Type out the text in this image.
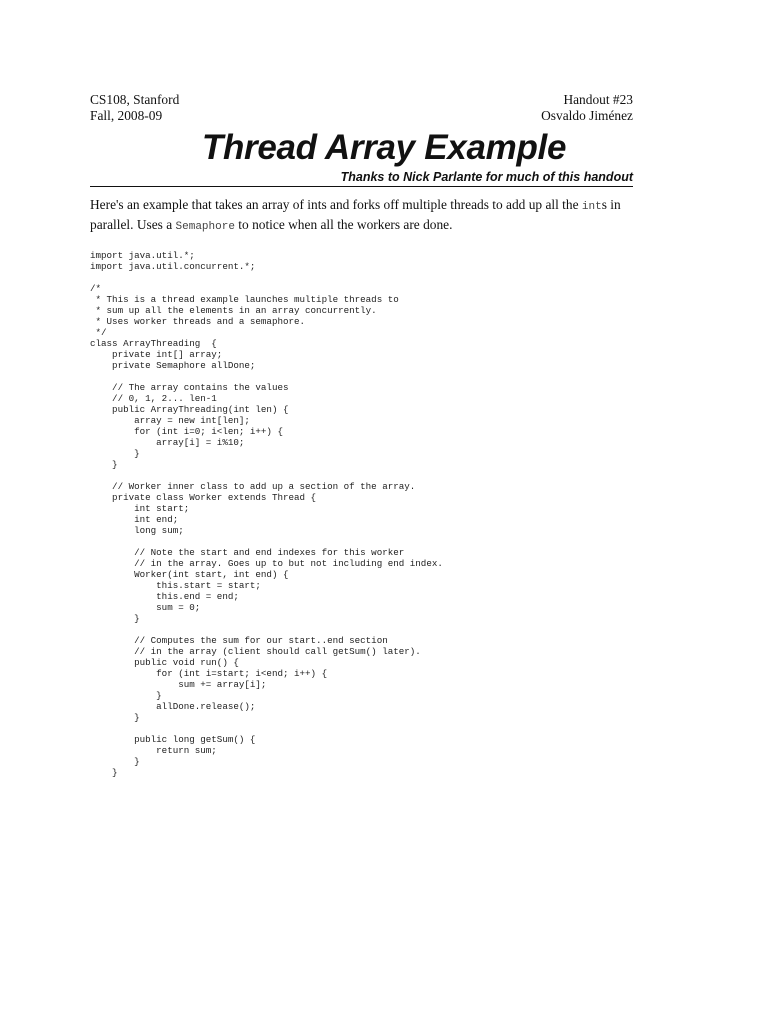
CS108, Stanford
Fall, 2008-09
Handout #23
Osvaldo Jiménez
Thread Array Example
Thanks to Nick Parlante for much of this handout

Here's an example that takes an array of ints and forks off multiple threads to add up all the ints in parallel. Uses a Semaphore to notice when all the workers are done.

import java.util.*;
import java.util.concurrent.*;
/*
* This is a thread example launches multiple threads to
* sum up all the elements in an array concurrently.
* Uses worker threads and a semaphore.
*/
class ArrayThreading  {
private int[] array;
private Semaphore allDone;
// The array contains the values
// 0, 1, 2... len-1
public ArrayThreading(int len) {
array = new int[len];
for (int i=0; i<len; i++) {
array[i] = i%10;
}
}
// Worker inner class to add up a section of the array.
private class Worker extends Thread {
int start;
int end;
long sum;
// Note the start and end indexes for this worker
// in the array. Goes up to but not including end index.
Worker(int start, int end) {
this.start = start;
this.end = end;
sum = 0;
}
// Computes the sum for our start..end section
// in the array (client should call getSum() later).
public void run() {
for (int i=start; i<end; i++) {
sum += array[i];
}
allDone.release();
}
public long getSum() {
return sum;
}
}
